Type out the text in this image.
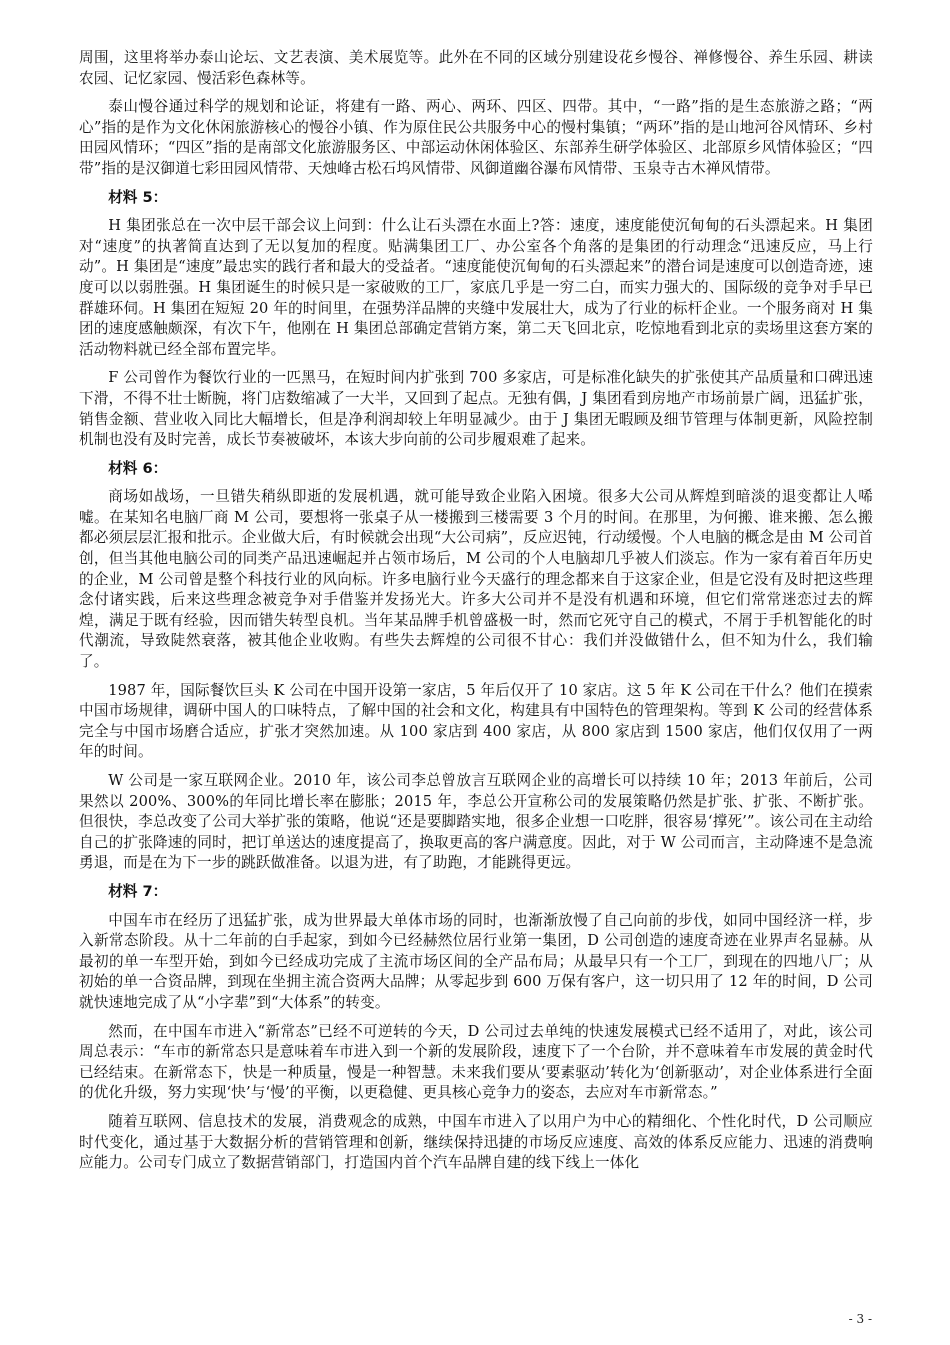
周围，这里将举办泰山论坛、文艺表演、美术展览等。此外在不同的区域分别建设花乡慢谷、禅修慢谷、养生乐园、耕读农园、记忆家园、慢活彩色森林等。

泰山慢谷通过科学的规划和论证，将建有一路、两心、两环、四区、四带。其中，“一路”指的是生态旅游之路；“两心”指的是作为文化休闲旅游核心的慢谷小镇、作为原住民公共服务中心的慢村集镇；“两环”指的是山地河谷风情环、乡村田园风情环；“四区”指的是南部文化旅游服务区、中部运动休闲体验区、东部养生研学体验区、北部原乡风情体验区；“四带”指的是汉御道七彩田园风情带、天烛峰古松石坞风情带、风御道幽谷瀑布风情带、玉泉寺古木禅风情带。

材料 5：

H 集团张总在一次中层干部会议上问到：什么让石头漂在水面上?答：速度，速度能使沉甸甸的石头漂起来。H 集团对“速度”的执著简直达到了无以复加的程度。贴满集团工厂、办公室各个角落的是集团的行动理念“迅速反应，马上行动”。H 集团是“速度”最忠实的践行者和最大的受益者。“速度能使沉甸甸的石头漂起来”的潜台词是速度可以创造奇迹，速度可以以弱胜强。H 集团诞生的时候只是一家破败的工厂，家底几乎是一穷二白，而实力强大的、国际级的竞争对手早已群雄环伺。H 集团在短短 20 年的时间里，在强势洋品牌的夹缝中发展壮大，成为了行业的标杆企业。一个服务商对 H 集团的速度感触颇深，有次下午，他刚在 H 集团总部确定营销方案，第二天飞回北京，吃惊地看到北京的卖场里这套方案的活动物料就已经全部布置完毕。

F 公司曾作为餐饮行业的一匹黑马，在短时间内扩张到 700 多家店，可是标准化缺失的扩张使其产品质量和口碑迅速下滑，不得不壮士断腕，将门店数缩减了一大半，又回到了起点。无独有偶，J 集团看到房地产市场前景广阔，迅猛扩张，销售金额、营业收入同比大幅增长，但是净利润却较上年明显减少。由于 J 集团无暇顾及细节管理与体制更新，风险控制机制也没有及时完善，成长节奏被破坏，本该大步向前的公司步履艰难了起来。

材料 6：

商场如战场，一旦错失稍纵即逝的发展机遇，就可能导致企业陷入困境。很多大公司从辉煌到暗淡的退变都让人唏嘘。在某知名电脑厂商 M 公司，要想将一张桌子从一楼搬到三楼需要 3 个月的时间。在那里，为何搬、谁来搬、怎么搬都必须层层汇报和批示。企业做大后，有时候就会出现“大公司病”，反应迟钝，行动缓慢。个人电脑的概念是由 M 公司首创，但当其他电脑公司的同类产品迅速崛起并占领市场后，M 公司的个人电脑却几乎被人们淡忘。作为一家有着百年历史的企业，M 公司曾是整个科技行业的风向标。许多电脑行业今天盛行的理念都来自于这家企业，但是它没有及时把这些理念付诸实践，后来这些理念被竞争对手借鉴并发扬光大。许多大公司并不是没有机遇和环境，但它们常常迷恋过去的辉煌，满足于既有经验，因而错失转型良机。当年某品牌手机曾盛极一时，然而它死守自己的模式，不屑于手机智能化的时代潮流，导致陡然衰落，被其他企业收购。有些失去辉煌的公司很不甘心：我们并没做错什么，但不知为什么，我们输了。

1987 年，国际餐饮巨头 K 公司在中国开设第一家店，5 年后仅开了 10 家店。这 5 年 K 公司在干什么？他们在摸索中国市场规律，调研中国人的口味特点，了解中国的社会和文化，构建具有中国特色的管理架构。等到 K 公司的经营体系完全与中国市场磨合适应，扩张才突然加速。从 100 家店到 400 家店，从 800 家店到 1500 家店，他们仅仅用了一两年的时间。

W 公司是一家互联网企业。2010 年，该公司李总曾放言互联网企业的高增长可以持续 10 年；2013 年前后，公司果然以 200%、300%的年同比增长率在膨胀；2015 年，李总公开宣称公司的发展策略仍然是扩张、扩张、不断扩张。但很快，李总改变了公司大举扩张的策略，他说“还是要脚踏实地，很多企业想一口吃胖，很容易‘撑死’”。该公司在主动给自己的扩张降速的同时，把订单送达的速度提高了，换取更高的客户满意度。因此，对于 W 公司而言，主动降速不是急流勇退，而是在为下一步的跳跃做准备。以退为进，有了助跑，才能跳得更远。

材料 7：

中国车市在经历了迅猛扩张，成为世界最大单体市场的同时，也渐渐放慢了自己向前的步伐，如同中国经济一样，步入新常态阶段。从十二年前的白手起家，到如今已经赫然位居行业第一集团，D 公司创造的速度奇迹在业界声名显赫。从最初的单一车型开始，到如今已经成功完成了主流市场区间的全产品布局；从最早只有一个工厂，到现在的四地八厂；从初始的单一合资品牌，到现在坐拥主流合资两大品牌；从零起步到 600 万保有客户，这一切只用了 12 年的时间，D 公司就快速地完成了从“小字辈”到“大体系”的转变。

然而，在中国车市进入“新常态”已经不可逆转的今天，D 公司过去单纯的快速发展模式已经不适用了，对此，该公司周总表示：“车市的新常态只是意味着车市进入到一个新的发展阶段，速度下了一个台阶，并不意味着车市发展的黄金时代已经结束。在新常态下，快是一种质量，慢是一种智慧。未来我们要从‘要素驱动’转化为‘创新驱动’，对企业体系进行全面的优化升级，努力实现‘快’与‘慢’的平衡，以更稳健、更具核心竞争力的姿态，去应对车市新常态。”

随着互联网、信息技术的发展，消费观念的成熟，中国车市进入了以用户为中心的精细化、个性化时代，D 公司顺应时代变化，通过基于大数据分析的营销管理和创新，继续保持迅捷的市场反应速度、高效的体系反应能力、迅速的消费响应能力。公司专门成立了数据营销部门，打造国内首个汽车品牌自建的线下线上一体化

- 3 -
